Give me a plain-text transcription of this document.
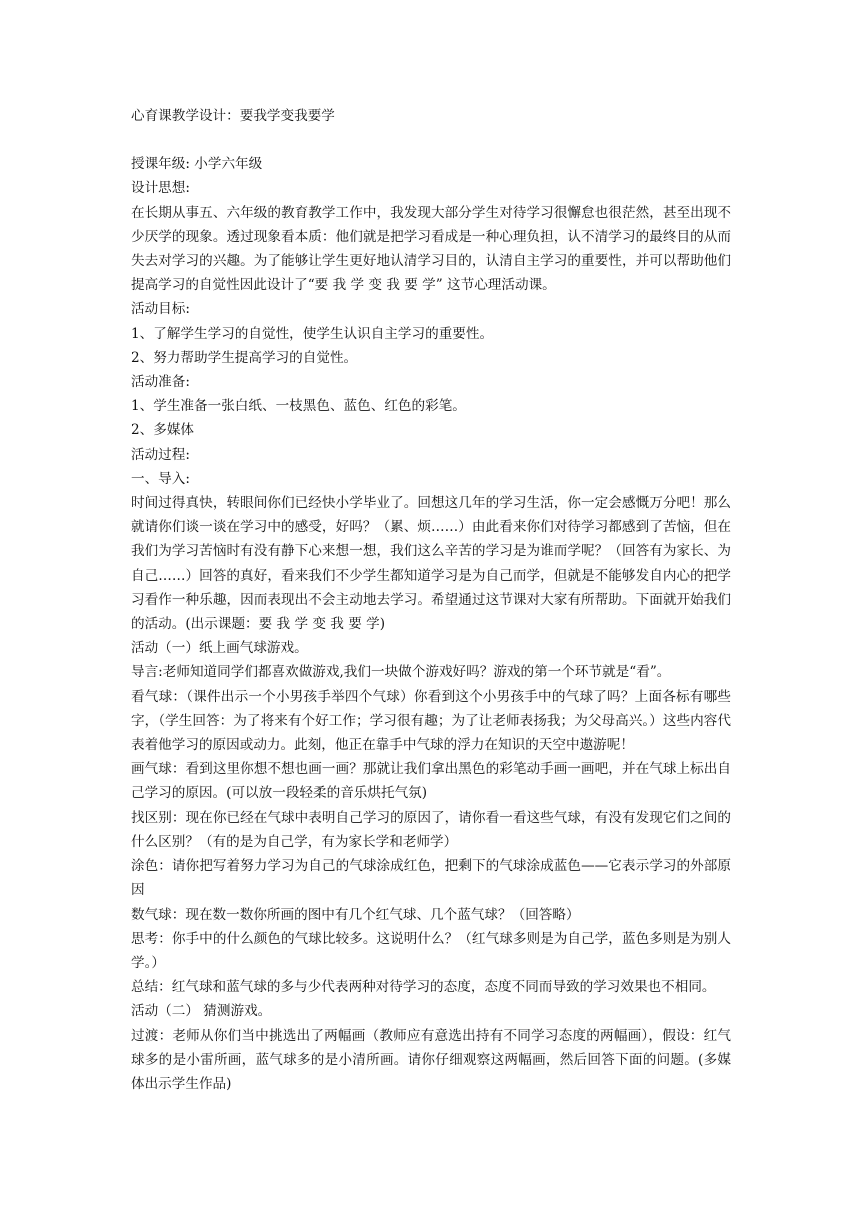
心育课教学设计：要我学变我要学

授课年级: 小学六年级

设计思想:

在长期从事五、六年级的教育教学工作中，我发现大部分学生对待学习很懈怠也很茫然，甚至出现不少厌学的现象。透过现象看本质：他们就是把学习看成是一种心理负担，认不清学习的最终目的从而失去对学习的兴趣。为了能够让学生更好地认清学习目的，认清自主学习的重要性，并可以帮助他们提高学习的自觉性因此设计了“要 我 学 变 我 要 学” 这节心理活动课。

活动目标:

1、了解学生学习的自觉性，使学生认识自主学习的重要性。

2、努力帮助学生提高学习的自觉性。

活动准备:

1、学生准备一张白纸、一枝黑色、蓝色、红色的彩笔。

2、多媒体

活动过程:

一、导入:

时间过得真快，转眼间你们已经快小学毕业了。回想这几年的学习生活，你一定会感慨万分吧！那么就请你们谈一谈在学习中的感受，好吗？（累、烦……）由此看来你们对待学习都感到了苦恼，但在我们为学习苦恼时有没有静下心来想一想，我们这么辛苦的学习是为谁而学呢？（回答有为家长、为自己……）回答的真好，看来我们不少学生都知道学习是为自己而学，但就是不能够发自内心的把学习看作一种乐趣，因而表现出不会主动地去学习。希望通过这节课对大家有所帮助。下面就开始我们的活动。(出示课题：要 我 学 变 我 要 学)

活动（一）纸上画气球游戏。

导言:老师知道同学们都喜欢做游戏,我们一块做个游戏好吗？游戏的第一个环节就是“看”。

看气球：（课件出示一个小男孩手举四个气球）你看到这个小男孩手中的气球了吗？上面各标有哪些字，（学生回答：为了将来有个好工作；学习很有趣；为了让老师表扬我；为父母高兴。）这些内容代表着他学习的原因或动力。此刻，他正在靠手中气球的浮力在知识的天空中遨游呢！

画气球：看到这里你想不想也画一画？那就让我们拿出黑色的彩笔动手画一画吧，并在气球上标出自己学习的原因。(可以放一段轻柔的音乐烘托气氛)

找区别：现在你已经在气球中表明自己学习的原因了，请你看一看这些气球，有没有发现它们之间的什么区别？（有的是为自己学，有为家长学和老师学）

涂色：请你把写着努力学习为自己的气球涂成红色，把剩下的气球涂成蓝色——它表示学习的外部原因

数气球：现在数一数你所画的图中有几个红气球、几个蓝气球？（回答略）

思考：你手中的什么颜色的气球比较多。这说明什么？（红气球多则是为自己学，蓝色多则是为别人学。）

总结：红气球和蓝气球的多与少代表两种对待学习的态度，态度不同而导致的学习效果也不相同。

活动（二） 猜测游戏。

过渡：老师从你们当中挑选出了两幅画（教师应有意选出持有不同学习态度的两幅画），假设：红气球多的是小雷所画，蓝气球多的是小清所画。请你仔细观察这两幅画，然后回答下面的问题。(多媒体出示学生作品)
